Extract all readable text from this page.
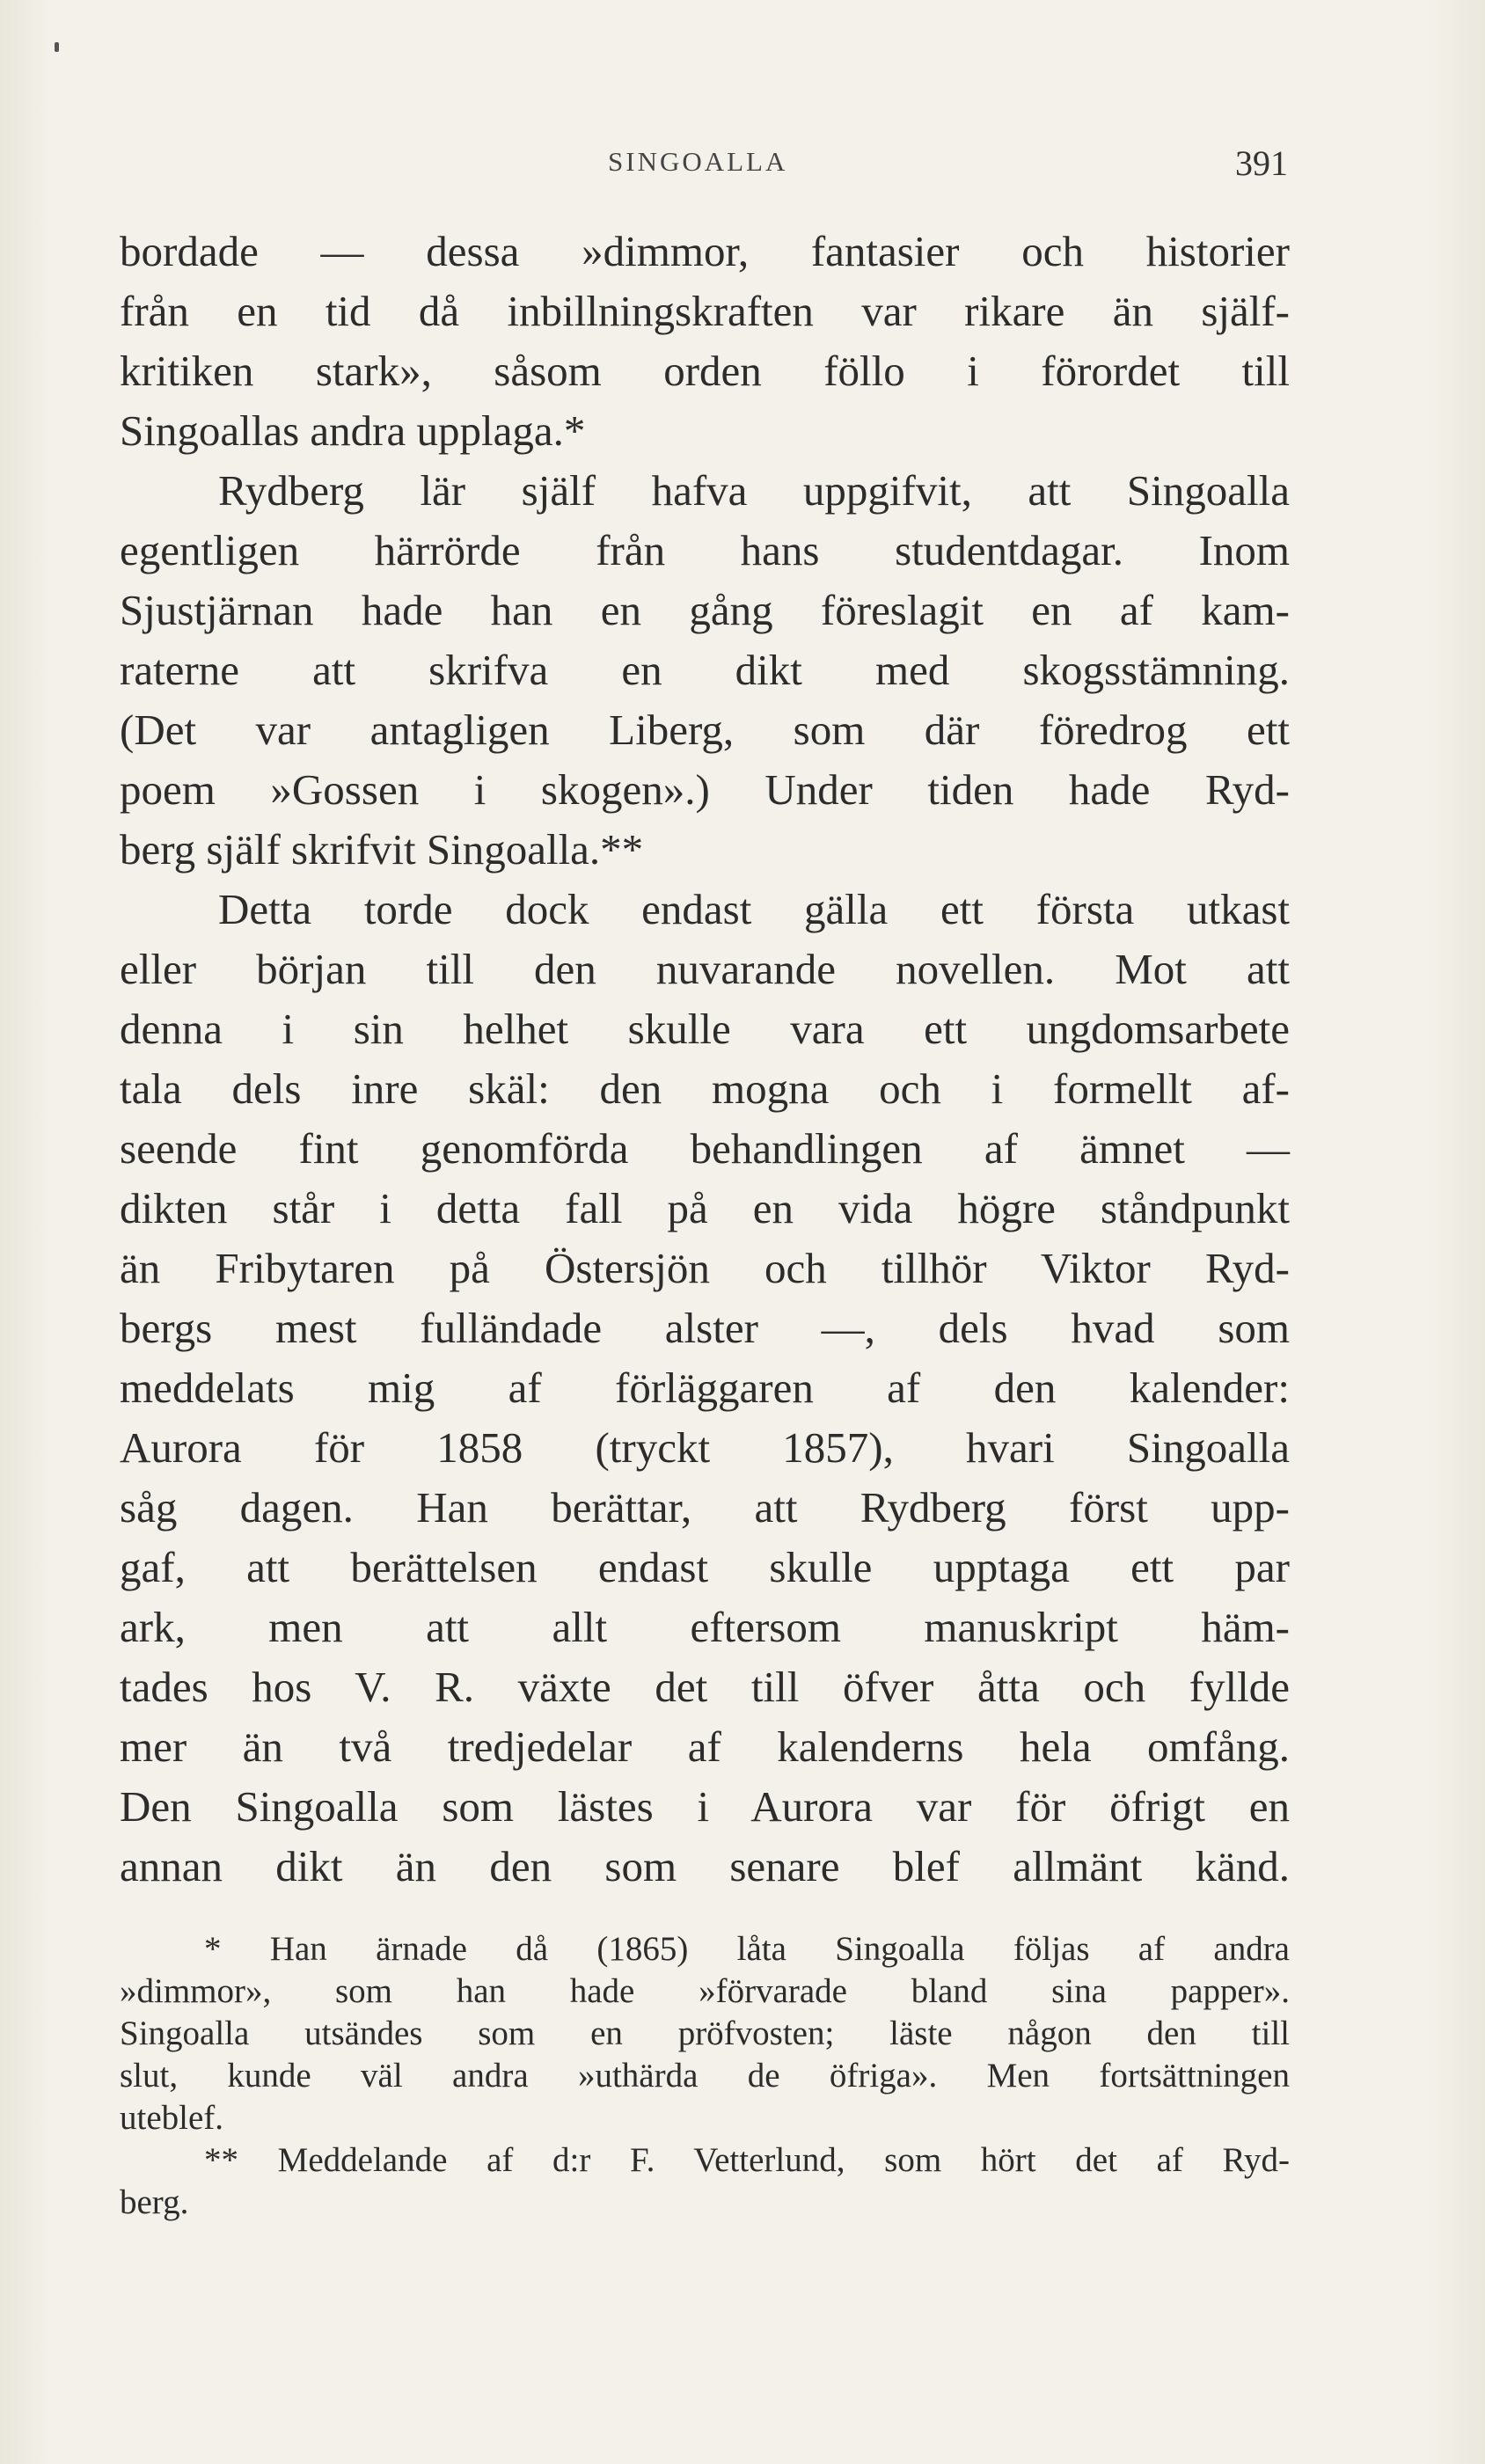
SINGOALLA	391
bordade — dessa »dimmor, fantasier och historier
från en tid då inbillningskraften var rikare än själf-
kritiken stark», såsom orden föllo i förordet till
Singoallas andra upplaga.*
Rydberg lär själf hafva uppgifvit, att Singoalla
egentligen härrörde från hans studentdagar. Inom
Sjustjärnan hade han en gång föreslagit en af kam-
raterne att skrifva en dikt med skogsstämning.
(Det var antagligen Liberg, som där föredrog ett
poem »Gossen i skogen».) Under tiden hade Ryd-
berg själf skrifvit Singoalla.**
Detta torde dock endast gälla ett första utkast
eller början till den nuvarande novellen. Mot att
denna i sin helhet skulle vara ett ungdomsarbete
tala dels inre skäl: den mogna och i formellt af-
seende fint genomförda behandlingen af ämnet —
dikten står i detta fall på en vida högre ståndpunkt
än Fribytaren på Östersjön och tillhör Viktor Ryd-
bergs mest fulländade alster —, dels hvad som
meddelats mig af förläggaren af den kalender:
Aurora för 1858 (tryckt 1857), hvari Singoalla
såg dagen. Han berättar, att Rydberg först upp-
gaf, att berättelsen endast skulle upptaga ett par
ark, men att allt eftersom manuskript häm-
tades hos V. R. växte det till öfver åtta och fyllde
mer än två tredjedelar af kalenderns hela omfång.
Den Singoalla som lästes i Aurora var för öfrigt en
annan dikt än den som senare blef allmänt känd.
* Han ärnade då (1865) låta Singoalla följas af andra
»dimmor», som han hade »förvarade bland sina papper».
Singoalla utsändes som en pröfvosten; läste någon den till
slut, kunde väl andra »uthärda de öfriga». Men fortsättningen
uteblef.
** Meddelande af d:r F. Vetterlund, som hört det af Ryd-
berg.
